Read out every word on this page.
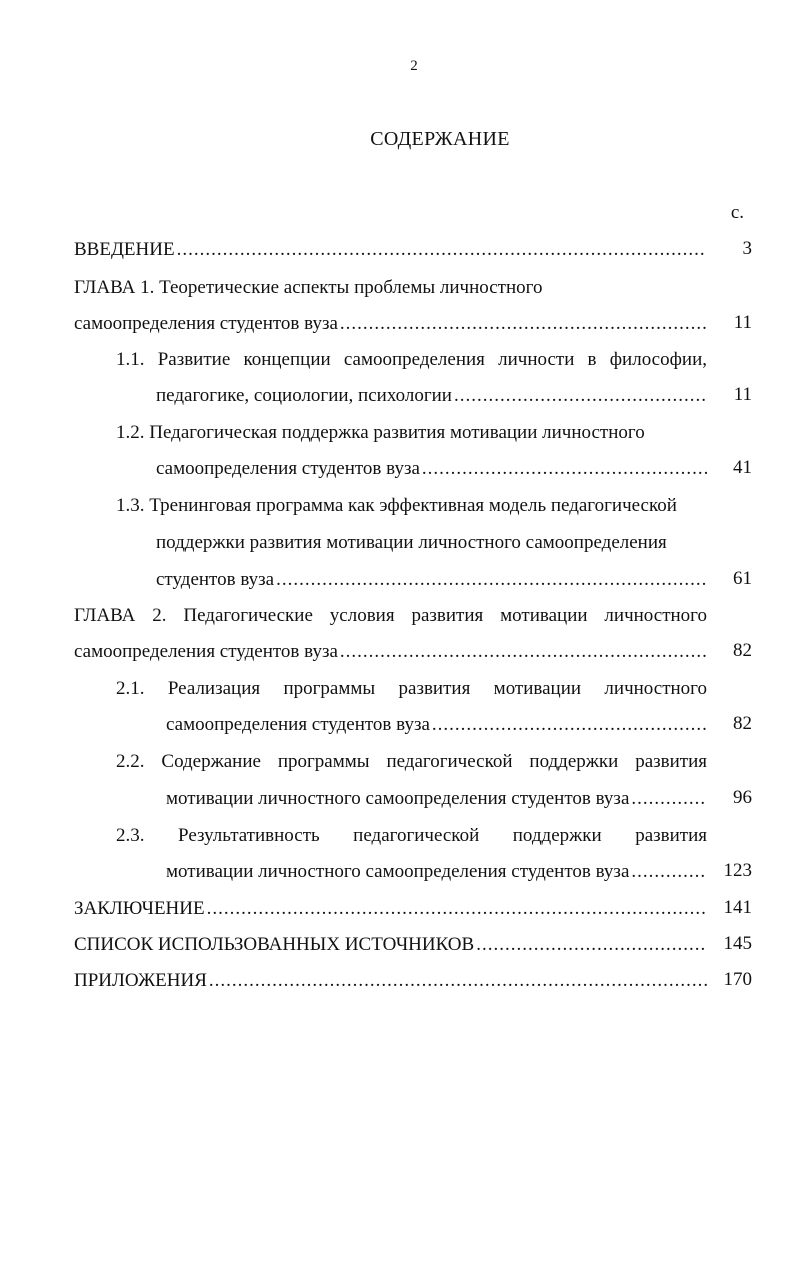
2
СОДЕРЖАНИЕ
с.
ВВЕДЕНИЕ .....	3
ГЛАВА 1. Теоретические аспекты проблемы личностного
самоопределения студентов вуза .....	11
1.1. Развитие концепции самоопределения личности в философии,
педагогике, социологии, психологии .....	11
1.2. Педагогическая поддержка развития мотивации личностного
самоопределения студентов вуза .....	41
1.3. Тренинговая программа как эффективная модель педагогической
поддержки развития мотивации личностного самоопределения
студентов вуза .....	61
ГЛАВА 2. Педагогические условия развития мотивации личностного
самоопределения студентов вуза .....	82
2.1. Реализация программы развития мотивации личностного
самоопределения студентов вуза .....	82
2.2. Содержание программы педагогической поддержки развития
мотивации личностного самоопределения студентов вуза .....	96
2.3. Результативность педагогической поддержки развития
мотивации личностного самоопределения студентов вуза .....	123
ЗАКЛЮЧЕНИЕ .....	141
СПИСОК ИСПОЛЬЗОВАННЫХ ИСТОЧНИКОВ .....	145
ПРИЛОЖЕНИЯ .....	170
